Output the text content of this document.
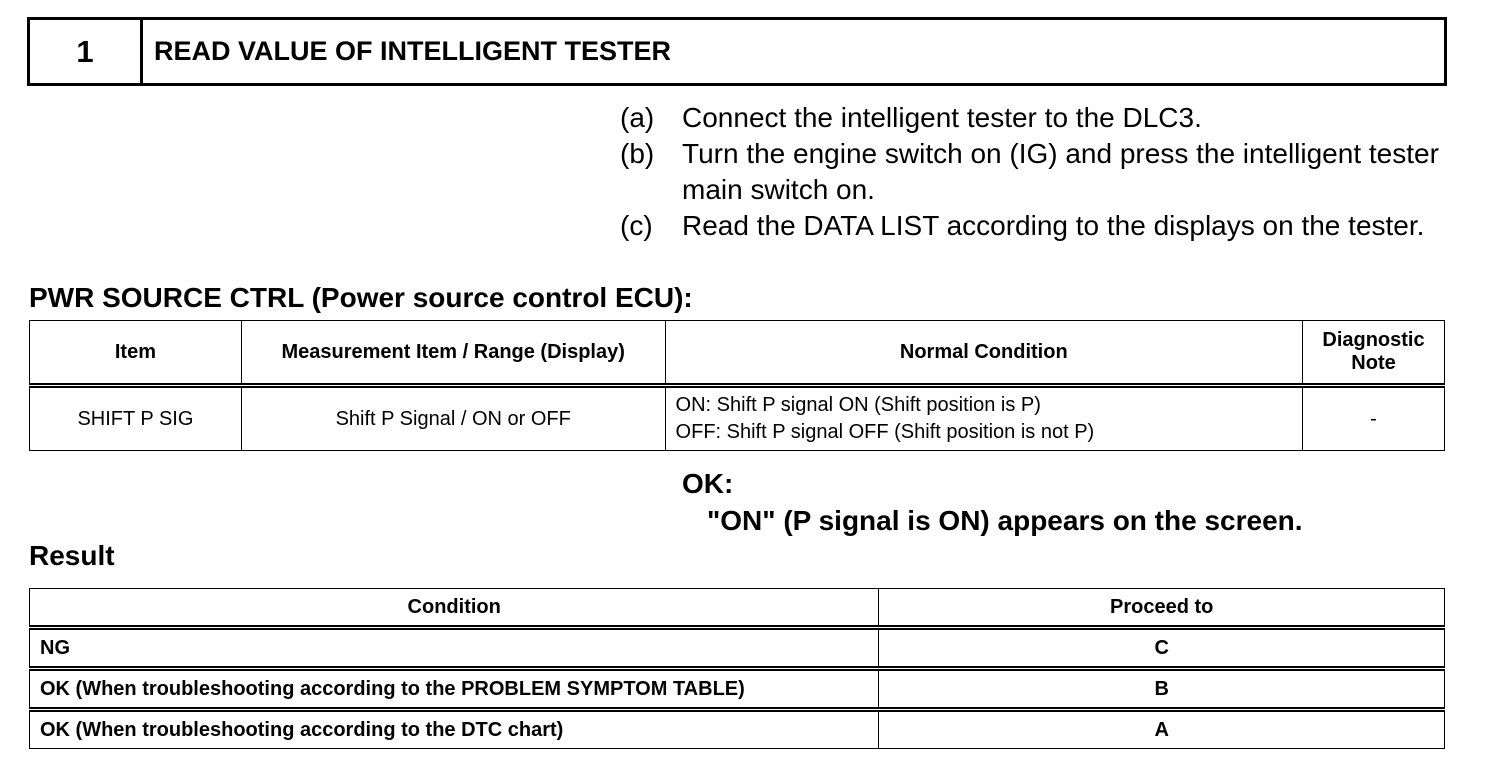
1	READ VALUE OF INTELLIGENT TESTER
(a) Connect the intelligent tester to the DLC3.
(b) Turn the engine switch on (IG) and press the intelligent tester main switch on.
(c)	Read the DATA LIST according to the displays on the tester.
PWR SOURCE CTRL (Power source control ECU):
Item	Measurement Item / Range (Display)	Normal Condition	Diagnostic Note
SHIFT P SIG	Shift P Signal / ON or OFF	ON: Shift P signal ON (Shift position is P)
OFF: Shift P signal OFF (Shift position is not P)	-
OK:
"ON" (P signal is ON) appears on the screen.
Result
Condition	Proceed to
NG	C
OK (When troubleshooting according to the PROBLEM SYMPTOM TABLE)	B
OK (When troubleshooting according to the DTC chart)	A
